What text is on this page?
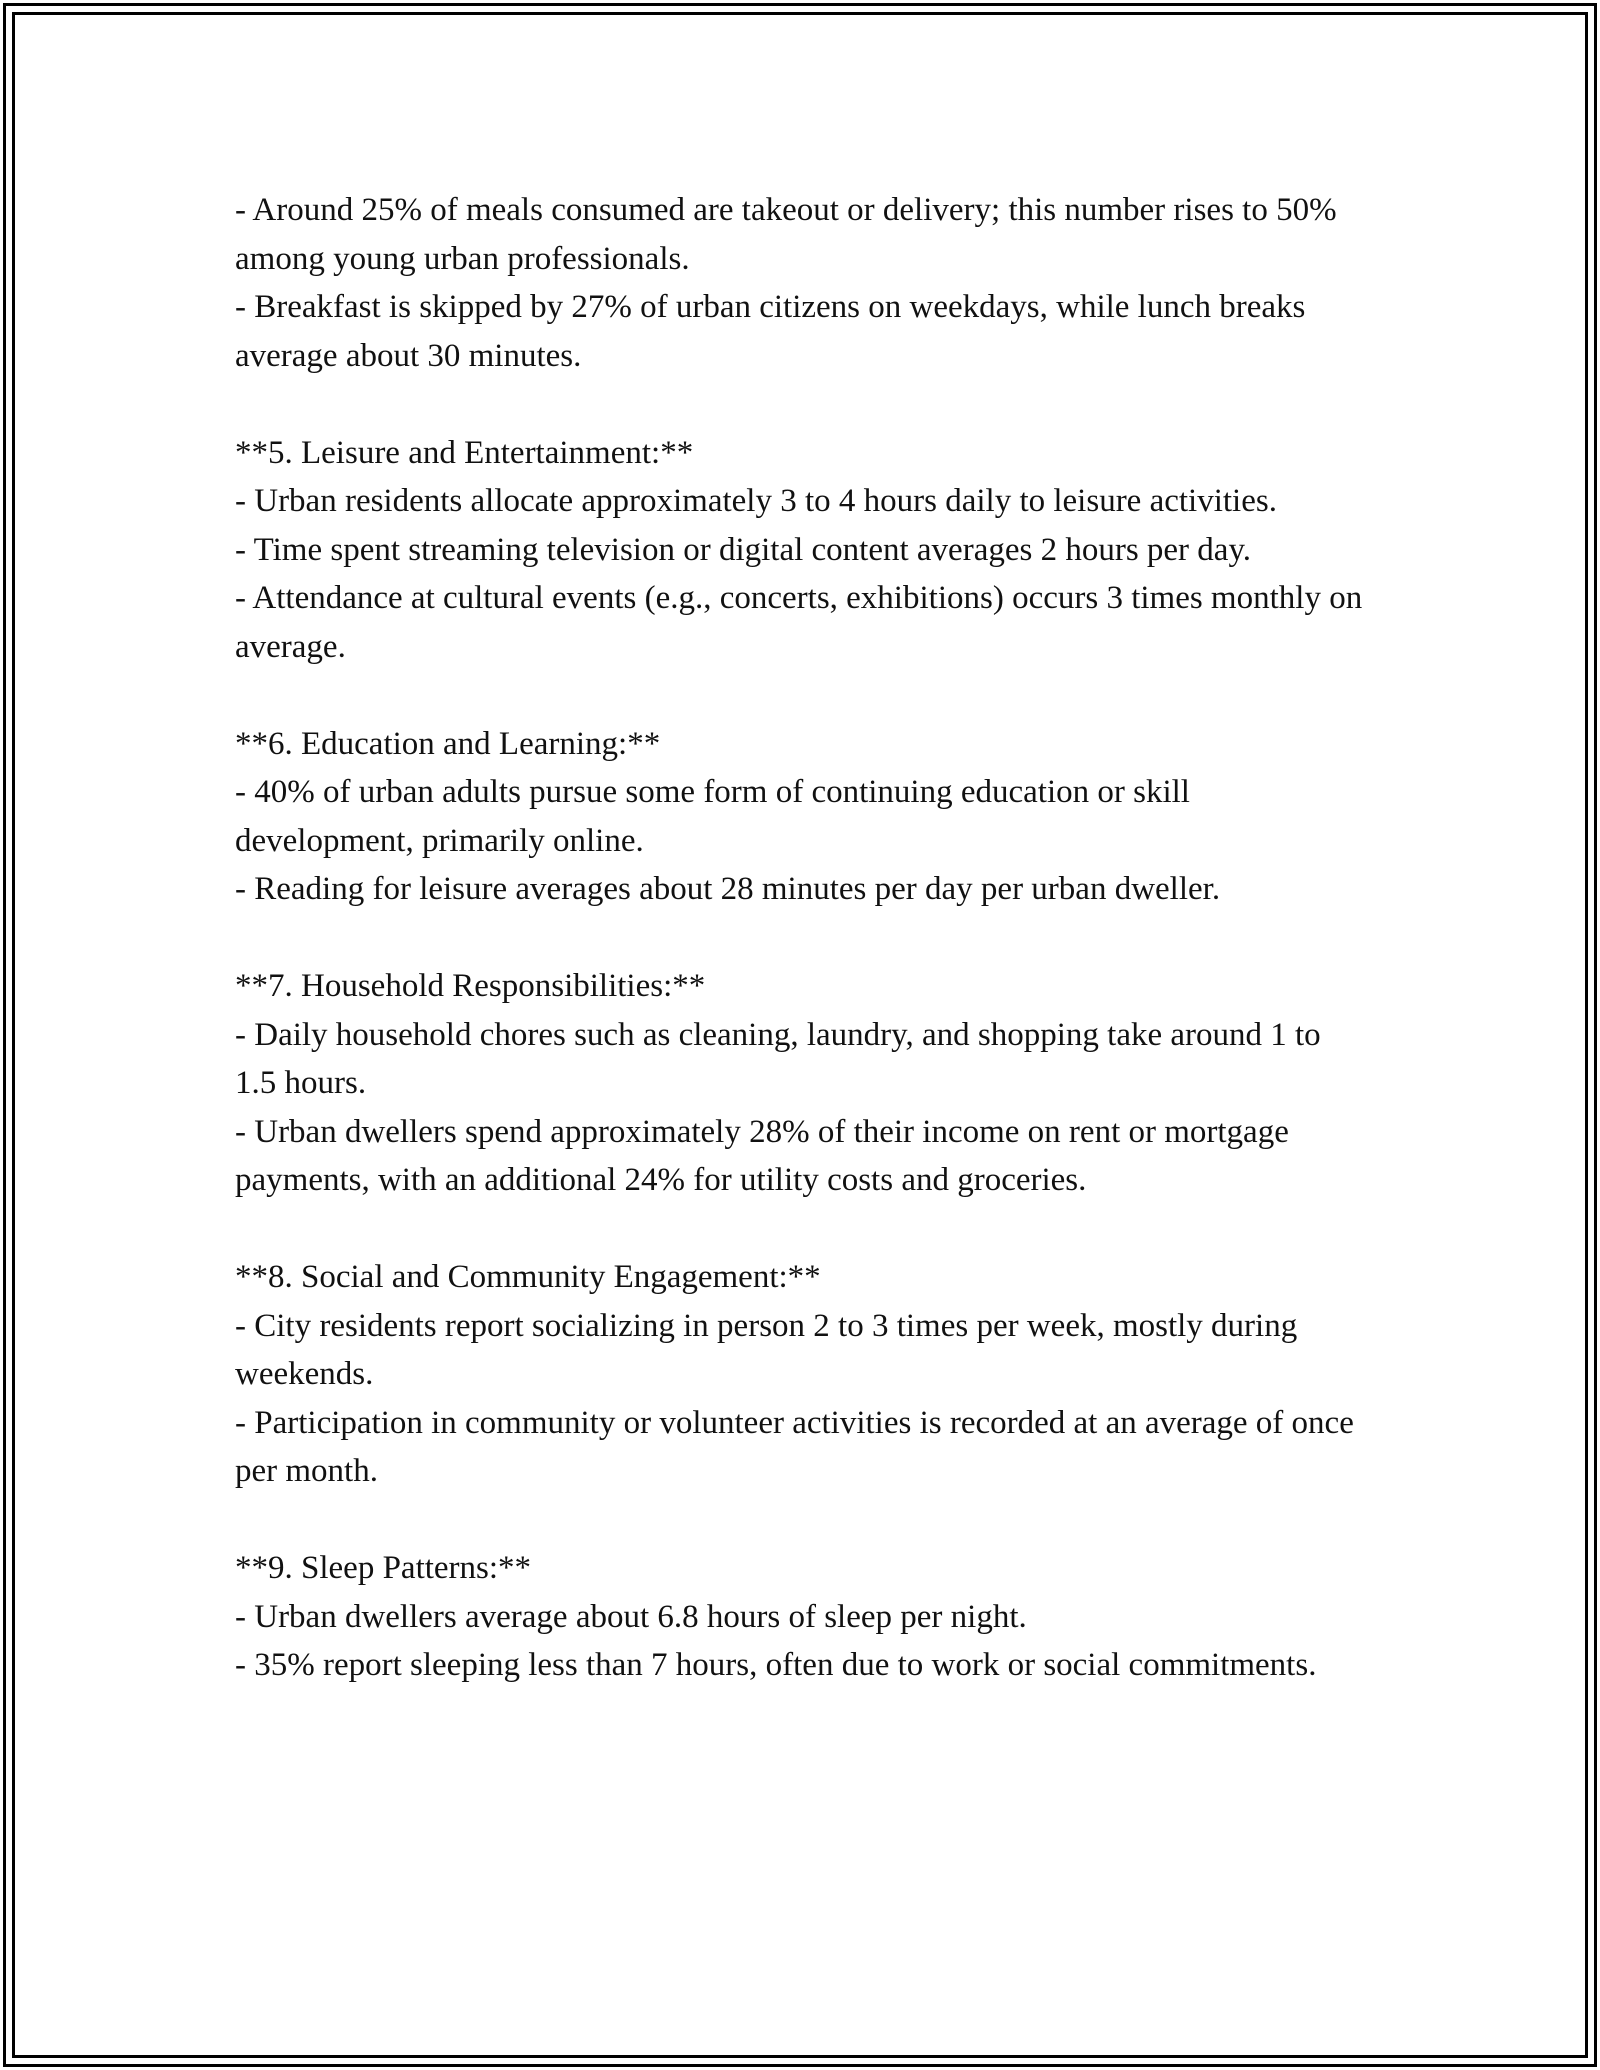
- Around 25% of meals consumed are takeout or delivery; this number rises to 50% among young urban professionals.

- Breakfast is skipped by 27% of urban citizens on weekdays, while lunch breaks average about 30 minutes.

**5. Leisure and Entertainment:**

- Urban residents allocate approximately 3 to 4 hours daily to leisure activities.

- Time spent streaming television or digital content averages 2 hours per day.

- Attendance at cultural events (e.g., concerts, exhibitions) occurs 3 times monthly on average.

**6. Education and Learning:**

- 40% of urban adults pursue some form of continuing education or skill development, primarily online.

- Reading for leisure averages about 28 minutes per day per urban dweller.

**7. Household Responsibilities:**

- Daily household chores such as cleaning, laundry, and shopping take around 1 to 1.5 hours.

- Urban dwellers spend approximately 28% of their income on rent or mortgage payments, with an additional 24% for utility costs and groceries.

**8. Social and Community Engagement:**

- City residents report socializing in person 2 to 3 times per week, mostly during weekends.

- Participation in community or volunteer activities is recorded at an average of once per month.

**9. Sleep Patterns:**

- Urban dwellers average about 6.8 hours of sleep per night.

- 35% report sleeping less than 7 hours, often due to work or social commitments.
